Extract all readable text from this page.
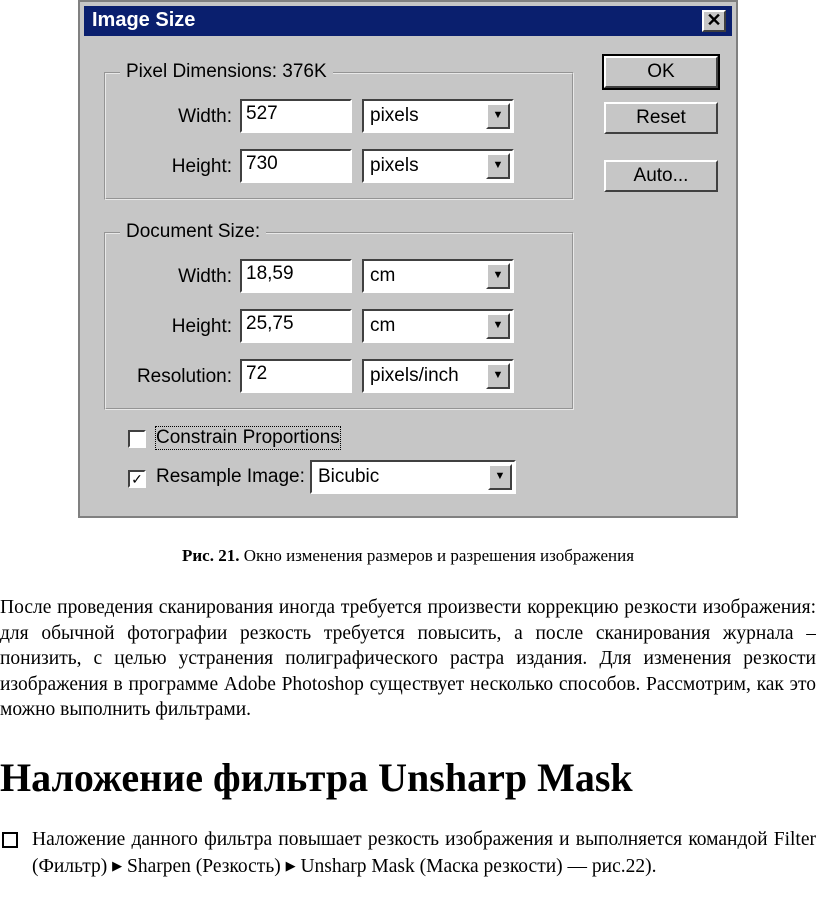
Image Size	✕
Pixel Dimensions: 376K
Width: 527	pixels	▼
Height: 730	pixels	▼
Document Size:
Width: 18,59	cm	▼
Height: 25,75	cm	▼
Resolution: 72	pixels/inch	▼
Constrain Proportions
✓ Resample Image: Bicubic	▼
OK
Reset
Auto...
Рис. 21. Окно изменения размеров и разрешения изображения
После проведения сканирования иногда требуется произвести коррекцию резкости изображения: для обычной фотографии резкость требуется повысить, а после сканирования журнала – понизить, с целью устранения полиграфического растра издания. Для изменения резкости изображения в программе Adobe Photoshop существует несколько способов. Рассмотрим, как это можно выполнить фильтрами.
Наложение фильтра Unsharp Mask
Наложение данного фильтра повышает резкость изображения и выполняется командой Filter (Фильтр) ▶ Sharpen (Резкость) ▶ Unsharp Mask (Маска резкости) — рис.22).
